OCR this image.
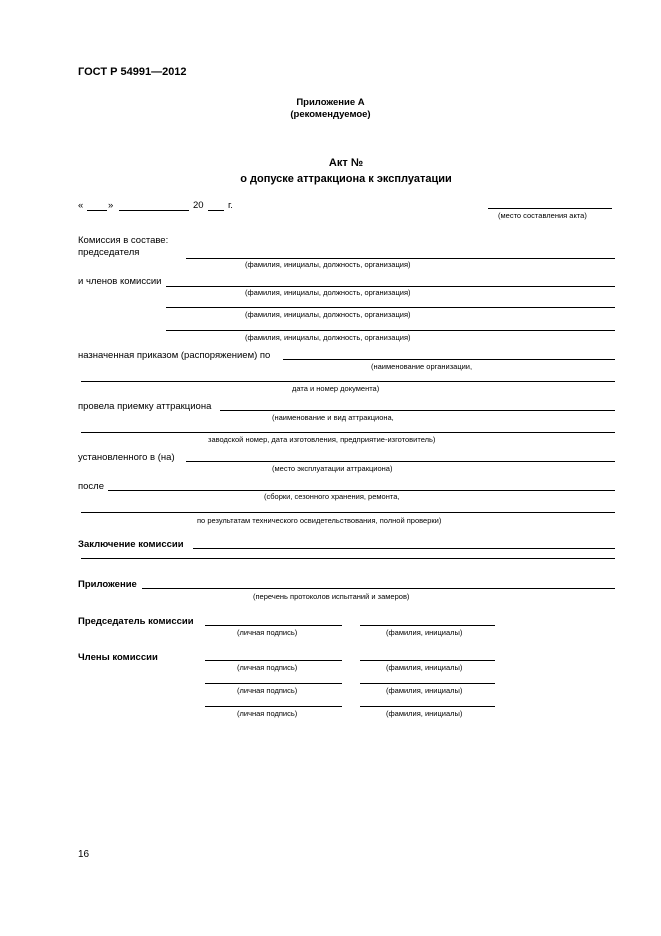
ГОСТ Р 54991—2012
Приложение А
(рекомендуемое)
Акт №
о допуске аттракциона к эксплуатации
«	»	20	г.
(место составления акта)
Комиссия в составе:
председателя
(фамилия, инициалы, должность, организация)
и членов комиссии
(фамилия, инициалы, должность, организация)
(фамилия, инициалы, должность, организация)
(фамилия, инициалы, должность, организация)
назначенная приказом (распоряжением) по
(наименование организации,
дата и номер документа)
провела приемку аттракциона
(наименование и вид аттракциона,
заводской номер, дата изготовления, предприятие-изготовитель)
установленного в (на)
(место эксплуатации аттракциона)
после
(сборки, сезонного хранения, ремонта,
по результатам технического освидетельствования, полной проверки)
Заключение комиссии
Приложение
(перечень протоколов испытаний и замеров)
Председатель комиссии
(личная подпись)	(фамилия, инициалы)
Члены комиссии
(личная подпись)	(фамилия, инициалы)
(личная подпись)	(фамилия, инициалы)
(личная подпись)	(фамилия, инициалы)
16
